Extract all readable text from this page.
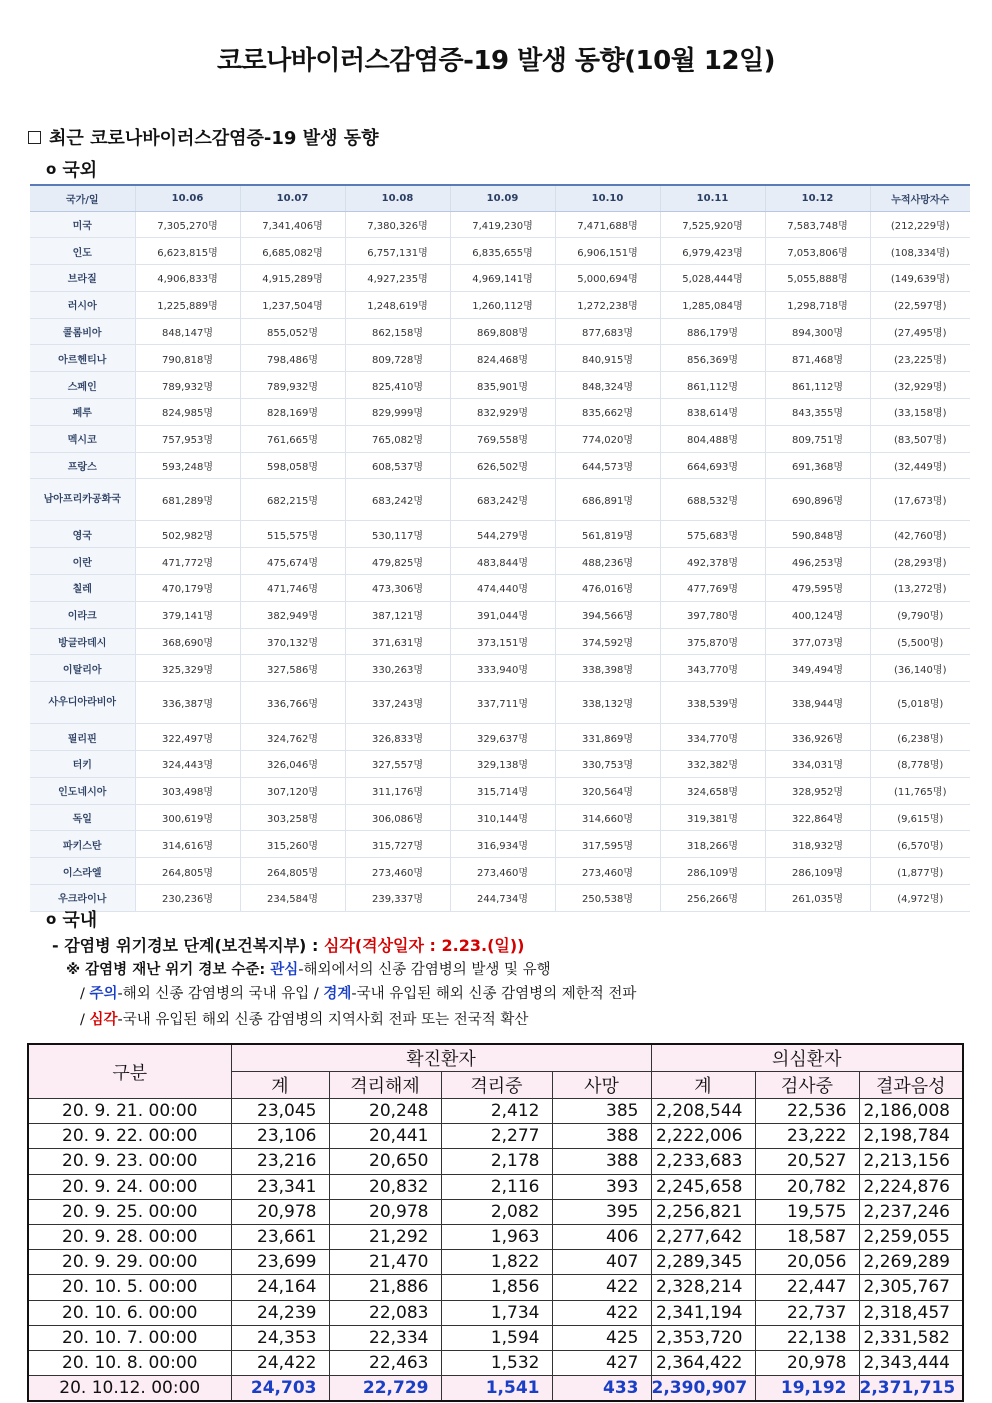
코로나바이러스감염증-19 발생 동향(10월 12일)
최근 코로나바이러스감염증-19 발생 동향
o 국외
국가/일	10.06	10.07	10.08	10.09	10.10	10.11	10.12	누적사망자수
미국	7,305,270명	7,341,406명	7,380,326명	7,419,230명	7,471,688명	7,525,920명	7,583,748명	(212,229명)
인도	6,623,815명	6,685,082명	6,757,131명	6,835,655명	6,906,151명	6,979,423명	7,053,806명	(108,334명)
브라질	4,906,833명	4,915,289명	4,927,235명	4,969,141명	5,000,694명	5,028,444명	5,055,888명	(149,639명)
러시아	1,225,889명	1,237,504명	1,248,619명	1,260,112명	1,272,238명	1,285,084명	1,298,718명	(22,597명)
콜롬비아	848,147명	855,052명	862,158명	869,808명	877,683명	886,179명	894,300명	(27,495명)
아르헨티나	790,818명	798,486명	809,728명	824,468명	840,915명	856,369명	871,468명	(23,225명)
스페인	789,932명	789,932명	825,410명	835,901명	848,324명	861,112명	861,112명	(32,929명)
페루	824,985명	828,169명	829,999명	832,929명	835,662명	838,614명	843,355명	(33,158명)
멕시코	757,953명	761,665명	765,082명	769,558명	774,020명	804,488명	809,751명	(83,507명)
프랑스	593,248명	598,058명	608,537명	626,502명	644,573명	664,693명	691,368명	(32,449명)
남아프리카공화국	681,289명	682,215명	683,242명	683,242명	686,891명	688,532명	690,896명	(17,673명)
영국	502,982명	515,575명	530,117명	544,279명	561,819명	575,683명	590,848명	(42,760명)
이란	471,772명	475,674명	479,825명	483,844명	488,236명	492,378명	496,253명	(28,293명)
칠레	470,179명	471,746명	473,306명	474,440명	476,016명	477,769명	479,595명	(13,272명)
이라크	379,141명	382,949명	387,121명	391,044명	394,566명	397,780명	400,124명	(9,790명)
방글라데시	368,690명	370,132명	371,631명	373,151명	374,592명	375,870명	377,073명	(5,500명)
이탈리아	325,329명	327,586명	330,263명	333,940명	338,398명	343,770명	349,494명	(36,140명)
사우디아라비아	336,387명	336,766명	337,243명	337,711명	338,132명	338,539명	338,944명	(5,018명)
필리핀	322,497명	324,762명	326,833명	329,637명	331,869명	334,770명	336,926명	(6,238명)
터키	324,443명	326,046명	327,557명	329,138명	330,753명	332,382명	334,031명	(8,778명)
인도네시아	303,498명	307,120명	311,176명	315,714명	320,564명	324,658명	328,952명	(11,765명)
독일	300,619명	303,258명	306,086명	310,144명	314,660명	319,381명	322,864명	(9,615명)
파키스탄	314,616명	315,260명	315,727명	316,934명	317,595명	318,266명	318,932명	(6,570명)
이스라엘	264,805명	264,805명	273,460명	273,460명	273,460명	286,109명	286,109명	(1,877명)
우크라이나	230,236명	234,584명	239,337명	244,734명	250,538명	256,266명	261,035명	(4,972명)
o 국내
- 감염병 위기경보 단계(보건복지부) : 심각(격상일자 : 2.23.(일))
※ 감염병 재난 위기 경보 수준: 관심-해외에서의 신종 감염병의 발생 및 유행
/ 주의-해외 신종 감염병의 국내 유입 / 경계-국내 유입된 해외 신종 감염병의 제한적 전파
/ 심각-국내 유입된 해외 신종 감염병의 지역사회 전파 또는 전국적 확산
구분	확진환자				의심환자		
	계	격리해제	격리중	사망	계	검사중	결과음성
20. 9. 21. 00:00	23,045	20,248	2,412	385	2,208,544	22,536	2,186,008
20. 9. 22. 00:00	23,106	20,441	2,277	388	2,222,006	23,222	2,198,784
20. 9. 23. 00:00	23,216	20,650	2,178	388	2,233,683	20,527	2,213,156
20. 9. 24. 00:00	23,341	20,832	2,116	393	2,245,658	20,782	2,224,876
20. 9. 25. 00:00	20,978	20,978	2,082	395	2,256,821	19,575	2,237,246
20. 9. 28. 00:00	23,661	21,292	1,963	406	2,277,642	18,587	2,259,055
20. 9. 29. 00:00	23,699	21,470	1,822	407	2,289,345	20,056	2,269,289
20. 10. 5. 00:00	24,164	21,886	1,856	422	2,328,214	22,447	2,305,767
20. 10. 6. 00:00	24,239	22,083	1,734	422	2,341,194	22,737	2,318,457
20. 10. 7. 00:00	24,353	22,334	1,594	425	2,353,720	22,138	2,331,582
20. 10. 8. 00:00	24,422	22,463	1,532	427	2,364,422	20,978	2,343,444
20. 10.12. 00:00	24,703	22,729	1,541	433	2,390,907	19,192	2,371,715
